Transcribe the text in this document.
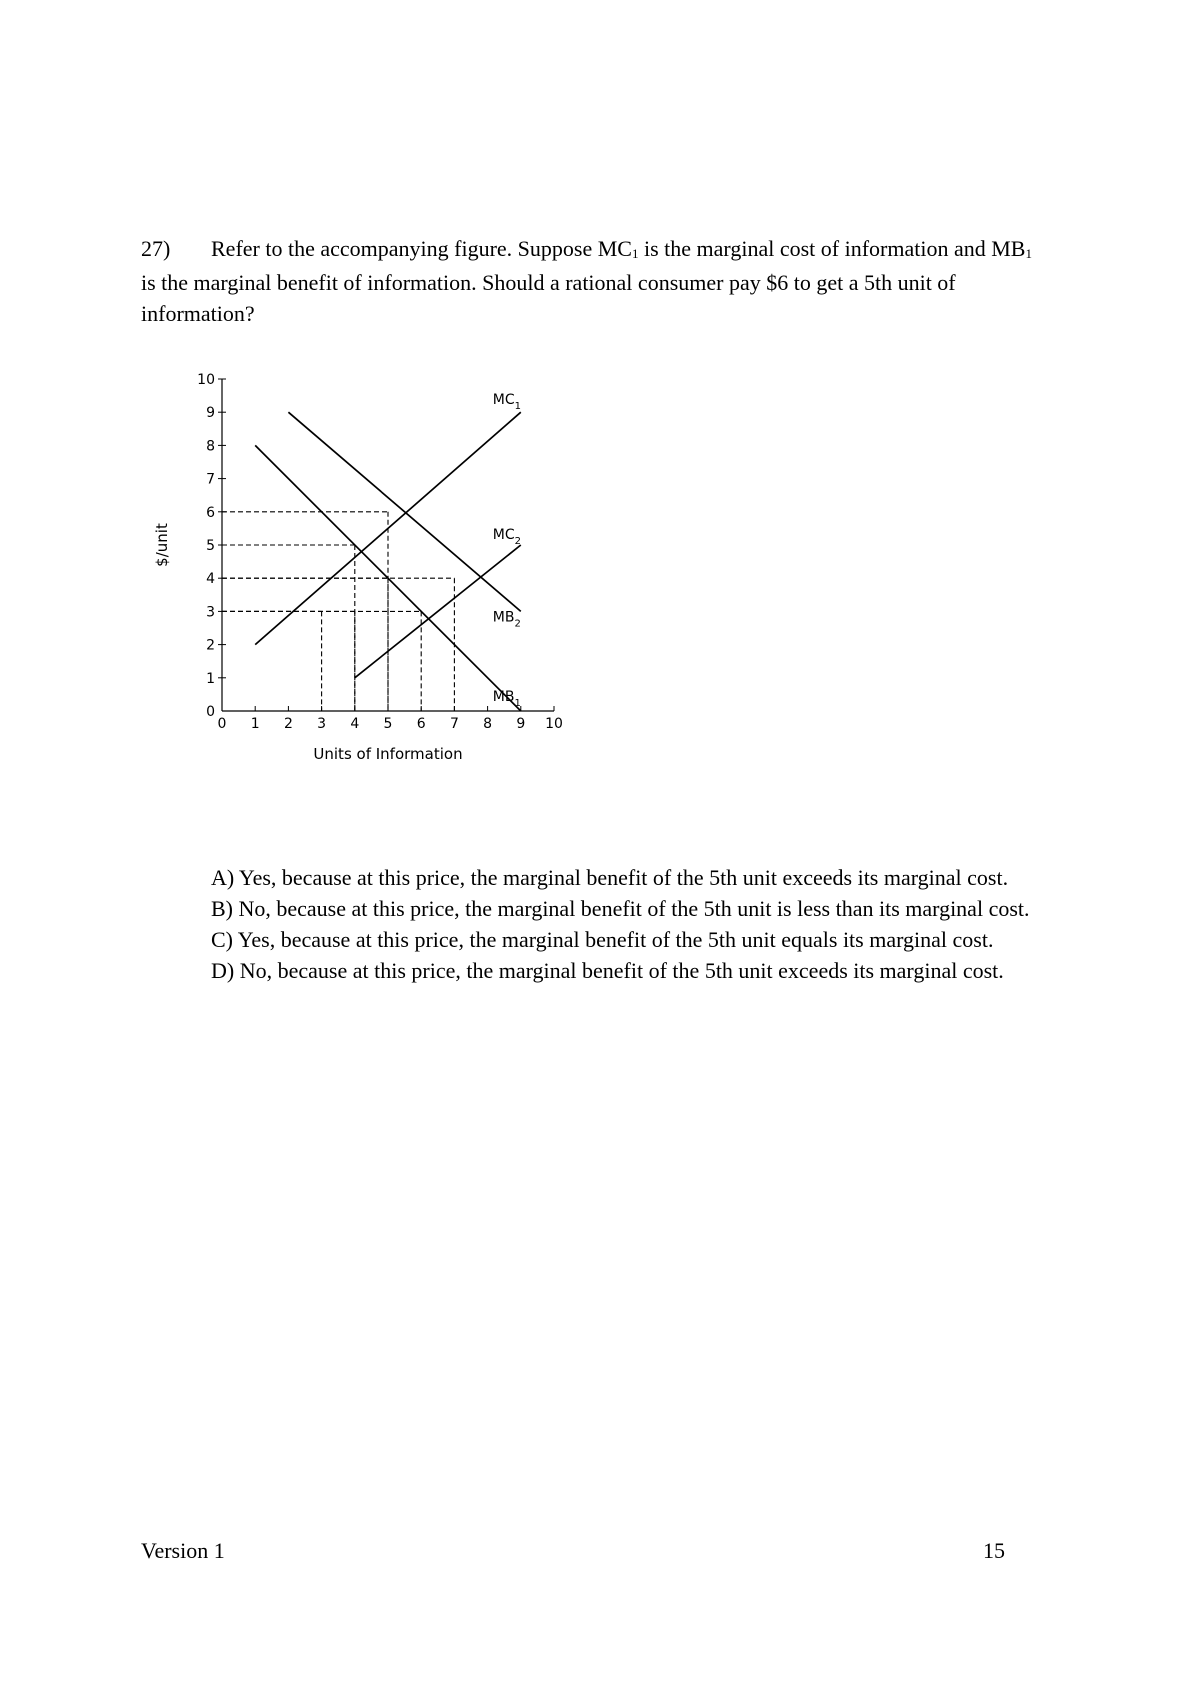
27) Refer to the accompanying figure. Suppose MC1 is the marginal cost of information and MB1 is the marginal benefit of information. Should a rational consumer pay $6 to get a 5th unit of information?
0 1 2 3 4 5 6 7 8 9 10
0
1
2
3
4
5
6
7
8
9
10
Units of Information
$/unit
$MC_1$
$MC_2$
$MB_2$
$MB_1$
A) Yes, because at this price, the marginal benefit of the 5th unit exceeds its marginal cost.
B) No, because at this price, the marginal benefit of the 5th unit is less than its marginal cost.
C) Yes, because at this price, the marginal benefit of the 5th unit equals its marginal cost.
D) No, because at this price, the marginal benefit of the 5th unit exceeds its marginal cost.
Version 1	15
